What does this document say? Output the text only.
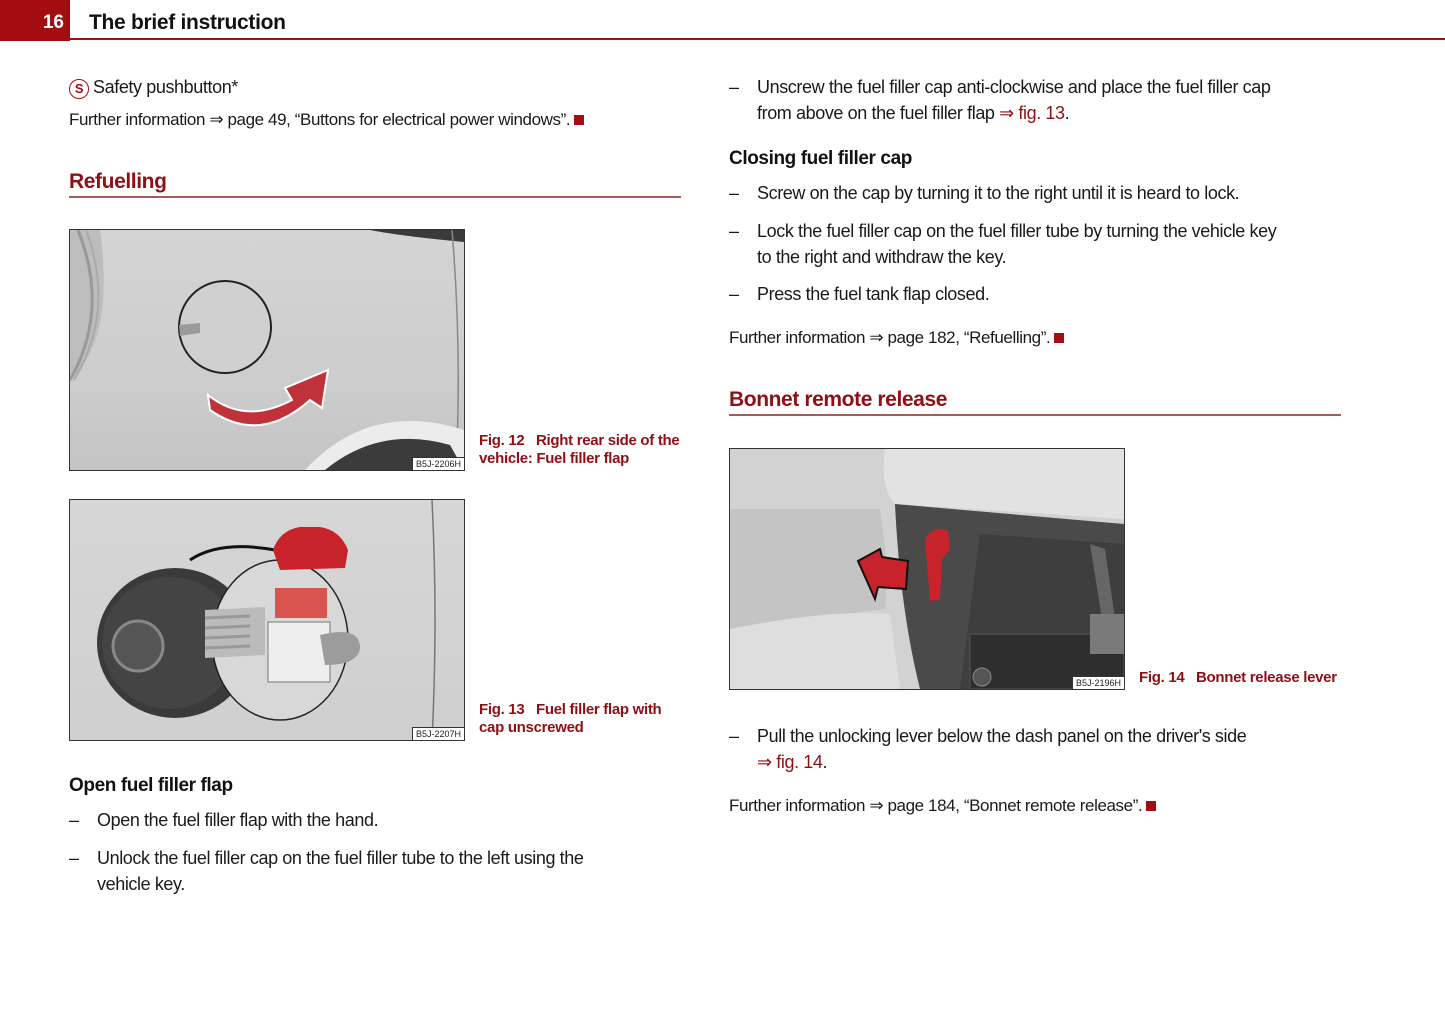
16 The brief instruction
S Safety pushbutton*
Further information ⇒ page 49, “Buttons for electrical power windows”.
Refuelling
B5J-2206H
Fig. 12   Right rear side of the
vehicle: Fuel filler flap
B5J-2207H
Fig. 13   Fuel filler flap with
cap unscrewed
Open fuel filler flap
– Open the fuel filler flap with the hand.
– Unlock the fuel filler cap on the fuel filler tube to the left using the
vehicle key.
– Unscrew the fuel filler cap anti-clockwise and place the fuel filler cap
from above on the fuel filler flap ⇒ fig. 13.
Closing fuel filler cap
– Screw on the cap by turning it to the right until it is heard to lock.
– Lock the fuel filler cap on the fuel filler tube by turning the vehicle key
to the right and withdraw the key.
– Press the fuel tank flap closed.
Further information ⇒ page 182, “Refuelling”.
Bonnet remote release
B5J-2196H Fig. 14   Bonnet release lever
– Pull the unlocking lever below the dash panel on the driver's side
⇒ fig. 14.
Further information ⇒ page 184, “Bonnet remote release”.
